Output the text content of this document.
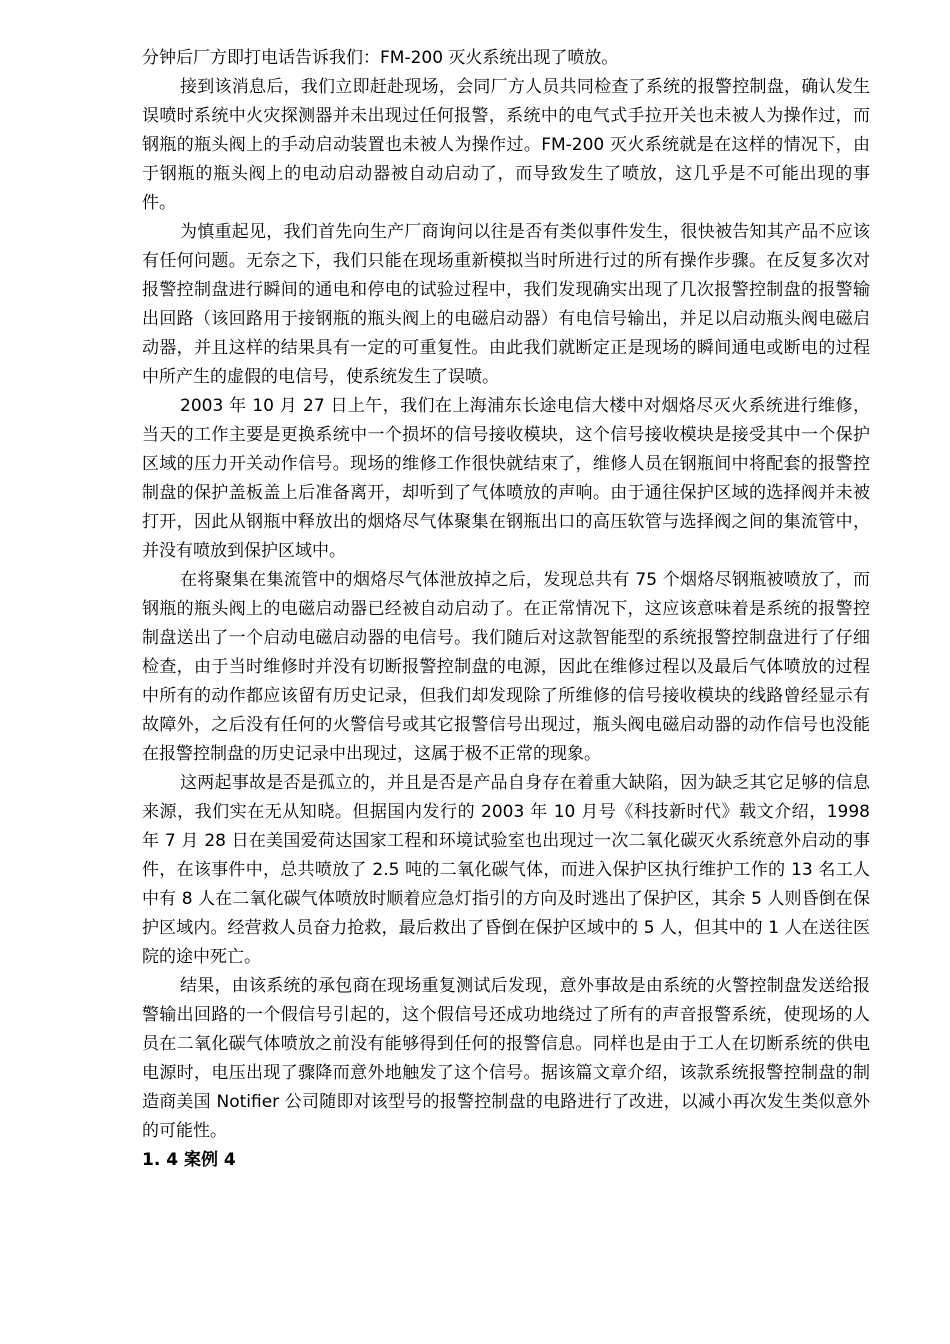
分钟后厂方即打电话告诉我们：FM-200 灭火系统出现了喷放。

接到该消息后，我们立即赶赴现场，会同厂方人员共同检查了系统的报警控制盘，确认发生误喷时系统中火灾探测器并未出现过任何报警，系统中的电气式手拉开关也未被人为操作过，而钢瓶的瓶头阀上的手动启动装置也未被人为操作过。FM-200 灭火系统就是在这样的情况下，由于钢瓶的瓶头阀上的电动启动器被自动启动了，而导致发生了喷放，这几乎是不可能出现的事件。

为慎重起见，我们首先向生产厂商询问以往是否有类似事件发生，很快被告知其产品不应该有任何问题。无奈之下，我们只能在现场重新模拟当时所进行过的所有操作步骤。在反复多次对报警控制盘进行瞬间的通电和停电的试验过程中，我们发现确实出现了几次报警控制盘的报警输出回路（该回路用于接钢瓶的瓶头阀上的电磁启动器）有电信号输出，并足以启动瓶头阀电磁启动器，并且这样的结果具有一定的可重复性。由此我们就断定正是现场的瞬间通电或断电的过程中所产生的虚假的电信号，使系统发生了误喷。

2003 年 10 月 27 日上午，我们在上海浦东长途电信大楼中对烟烙尽灭火系统进行维修，当天的工作主要是更换系统中一个损坏的信号接收模块，这个信号接收模块是接受其中一个保护区域的压力开关动作信号。现场的维修工作很快就结束了，维修人员在钢瓶间中将配套的报警控制盘的保护盖板盖上后准备离开，却听到了气体喷放的声响。由于通往保护区域的选择阀并未被打开，因此从钢瓶中释放出的烟烙尽气体聚集在钢瓶出口的高压软管与选择阀之间的集流管中，并没有喷放到保护区域中。

在将聚集在集流管中的烟烙尽气体泄放掉之后，发现总共有 75 个烟烙尽钢瓶被喷放了，而钢瓶的瓶头阀上的电磁启动器已经被自动启动了。在正常情况下，这应该意味着是系统的报警控制盘送出了一个启动电磁启动器的电信号。我们随后对这款智能型的系统报警控制盘进行了仔细检查，由于当时维修时并没有切断报警控制盘的电源，因此在维修过程以及最后气体喷放的过程中所有的动作都应该留有历史记录，但我们却发现除了所维修的信号接收模块的线路曾经显示有故障外，之后没有任何的火警信号或其它报警信号出现过，瓶头阀电磁启动器的动作信号也没能在报警控制盘的历史记录中出现过，这属于极不正常的现象。

这两起事故是否是孤立的，并且是否是产品自身存在着重大缺陷，因为缺乏其它足够的信息来源，我们实在无从知晓。但据国内发行的 2003 年 10 月号《科技新时代》载文介绍，1998 年 7 月 28 日在美国爱荷达国家工程和环境试验室也出现过一次二氧化碳灭火系统意外启动的事件，在该事件中，总共喷放了 2.5 吨的二氧化碳气体，而进入保护区执行维护工作的 13 名工人中有 8 人在二氧化碳气体喷放时顺着应急灯指引的方向及时逃出了保护区，其余 5 人则昏倒在保护区域内。经营救人员奋力抢救，最后救出了昏倒在保护区域中的 5 人，但其中的 1 人在送往医院的途中死亡。

结果，由该系统的承包商在现场重复测试后发现，意外事故是由系统的火警控制盘发送给报警输出回路的一个假信号引起的，这个假信号还成功地绕过了所有的声音报警系统，使现场的人员在二氧化碳气体喷放之前没有能够得到任何的报警信息。同样也是由于工人在切断系统的供电电源时，电压出现了骤降而意外地触发了这个信号。据该篇文章介绍，该款系统报警控制盘的制造商美国 Notifier 公司随即对该型号的报警控制盘的电路进行了改进，以减小再次发生类似意外的可能性。

1. 4 案例 4
